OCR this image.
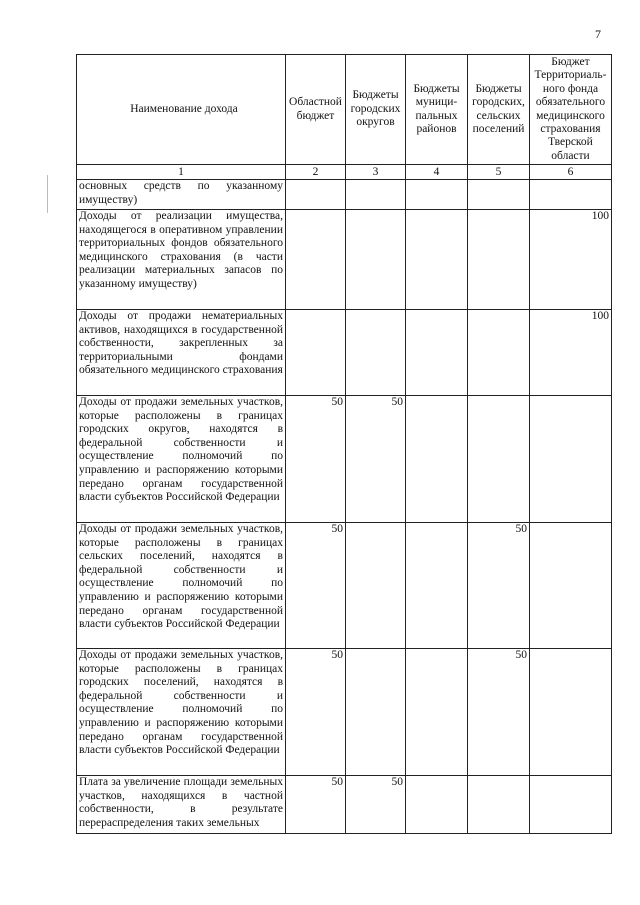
7
Наименование дохода	Областной бюджет	Бюджеты городских округов	Бюджеты муници-пальных районов	Бюджеты городских, сельских поселений	Бюджет Территориаль-ного фонда обязательного медицинского страхования Тверской области
1	2	3	4	5	6
основных средств по указанному имуществу)					
Доходы от реализации имущества, находящегося в оперативном управлении территориальных фондов обязательного медицинского страхования (в части реализации материальных запасов по указанному имуществу)					100
Доходы от продажи нематериальных активов, находящихся в государственной собственности, закрепленных за территориальными фондами обязательного медицинского страхования					100
Доходы от продажи земельных участков, которые расположены в границах городских округов, находятся в федеральной собственности и осуществление полномочий по управлению и распоряжению которыми передано органам государственной власти субъектов Российской Федерации	50	50			
Доходы от продажи земельных участков, которые расположены в границах сельских поселений, находятся в федеральной собственности и осуществление полномочий по управлению и распоряжению которыми передано органам государственной власти субъектов Российской Федерации	50			50	
Доходы от продажи земельных участков, которые расположены в границах городских поселений, находятся в федеральной собственности и осуществление полномочий по управлению и распоряжению которыми передано органам государственной власти субъектов Российской Федерации	50			50	
Плата за увеличение площади земельных участков, находящихся в частной собственности, в результате перераспределения таких земельных	50	50			
